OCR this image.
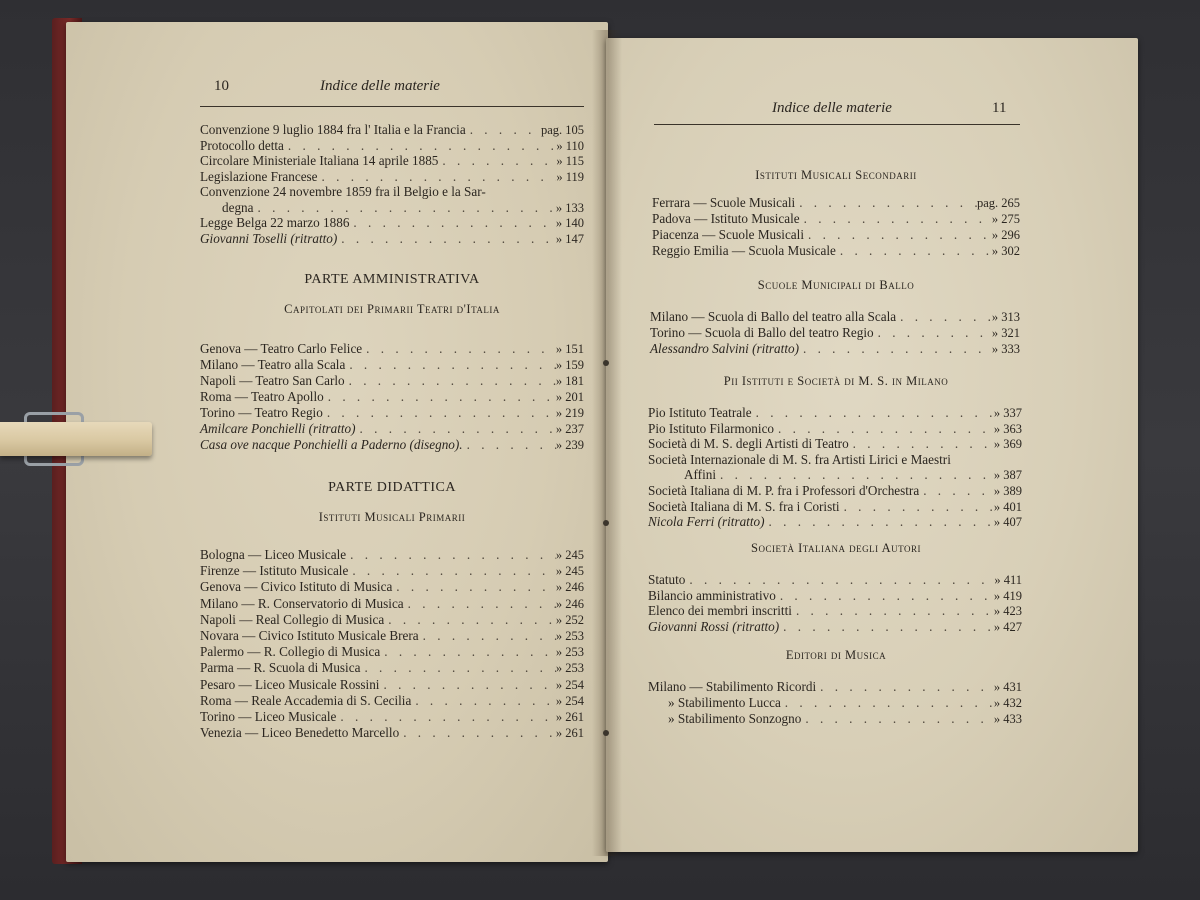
10	Indice delle materie
Convenzione 9 luglio 1884 fra l' Italia e la Francia . . .	pag. 105
Protocollo detta . . .	» 110
Circolare Ministeriale Italiana 14 aprile 1885 . . .	» 115
Legislazione Francese . . .	» 119
Convenzione 24 novembre 1859 fra il Belgio e la Sar-
degna . . .	» 133
Legge Belga 22 marzo 1886 . . .	» 140
Giovanni Toselli (ritratto) . . .	» 147
PARTE AMMINISTRATIVA
Capitolati dei Primarii Teatri d'Italia
Genova — Teatro Carlo Felice . . .	» 151
Milano — Teatro alla Scala . . .	» 159
Napoli — Teatro San Carlo . . .	» 181
Roma — Teatro Apollo . . .	» 201
Torino — Teatro Regio . . .	» 219
Amilcare Ponchielli (ritratto) . . .	» 237
Casa ove nacque Ponchielli a Paderno (disegno). . . .	» 239
PARTE DIDATTICA
Istituti Musicali Primarii
Bologna — Liceo Musicale . . .	» 245
Firenze — Istituto Musicale . . .	» 245
Genova — Civico Istituto di Musica . . .	» 246
Milano — R. Conservatorio di Musica . . .	» 246
Napoli — Real Collegio di Musica . . .	» 252
Novara — Civico Istituto Musicale Brera . . .	» 253
Palermo — R. Collegio di Musica . . .	» 253
Parma — R. Scuola di Musica . . .	» 253
Pesaro — Liceo Musicale Rossini . . .	» 254
Roma — Reale Accademia di S. Cecilia . . .	» 254
Torino — Liceo Musicale . . .	» 261
Venezia — Liceo Benedetto Marcello . . .	» 261
Indice delle materie	11
Istituti Musicali Secondarii
Ferrara — Scuole Musicali . . .	pag. 265
Padova — Istituto Musicale . . .	» 275
Piacenza — Scuole Musicali . . .	» 296
Reggio Emilia — Scuola Musicale . . .	» 302
Scuole Municipali di Ballo
Milano — Scuola di Ballo del teatro alla Scala . . .	» 313
Torino — Scuola di Ballo del teatro Regio . . .	» 321
Alessandro Salvini (ritratto) . . .	» 333
Pii Istituti e Società di M. S. in Milano
Pio Istituto Teatrale . . .	» 337
Pio Istituto Filarmonico . . .	» 363
Società di M. S. degli Artisti di Teatro . . .	» 369
Società Internazionale di M. S. fra Artisti Lirici e Maestri
Affini . . .	» 387
Società Italiana di M. P. fra i Professori d'Orchestra . . .	» 389
Società Italiana di M. S. fra i Coristi . . .	» 401
Nicola Ferri (ritratto) . . .	» 407
Società Italiana degli Autori
Statuto . . .	» 411
Bilancio amministrativo . . .	» 419
Elenco dei membri inscritti . . .	» 423
Giovanni Rossi (ritratto) . . .	» 427
Editori di Musica
Milano — Stabilimento Ricordi . . .	» 431
» Stabilimento Lucca . . .	» 432
» Stabilimento Sonzogno . . .	» 433
